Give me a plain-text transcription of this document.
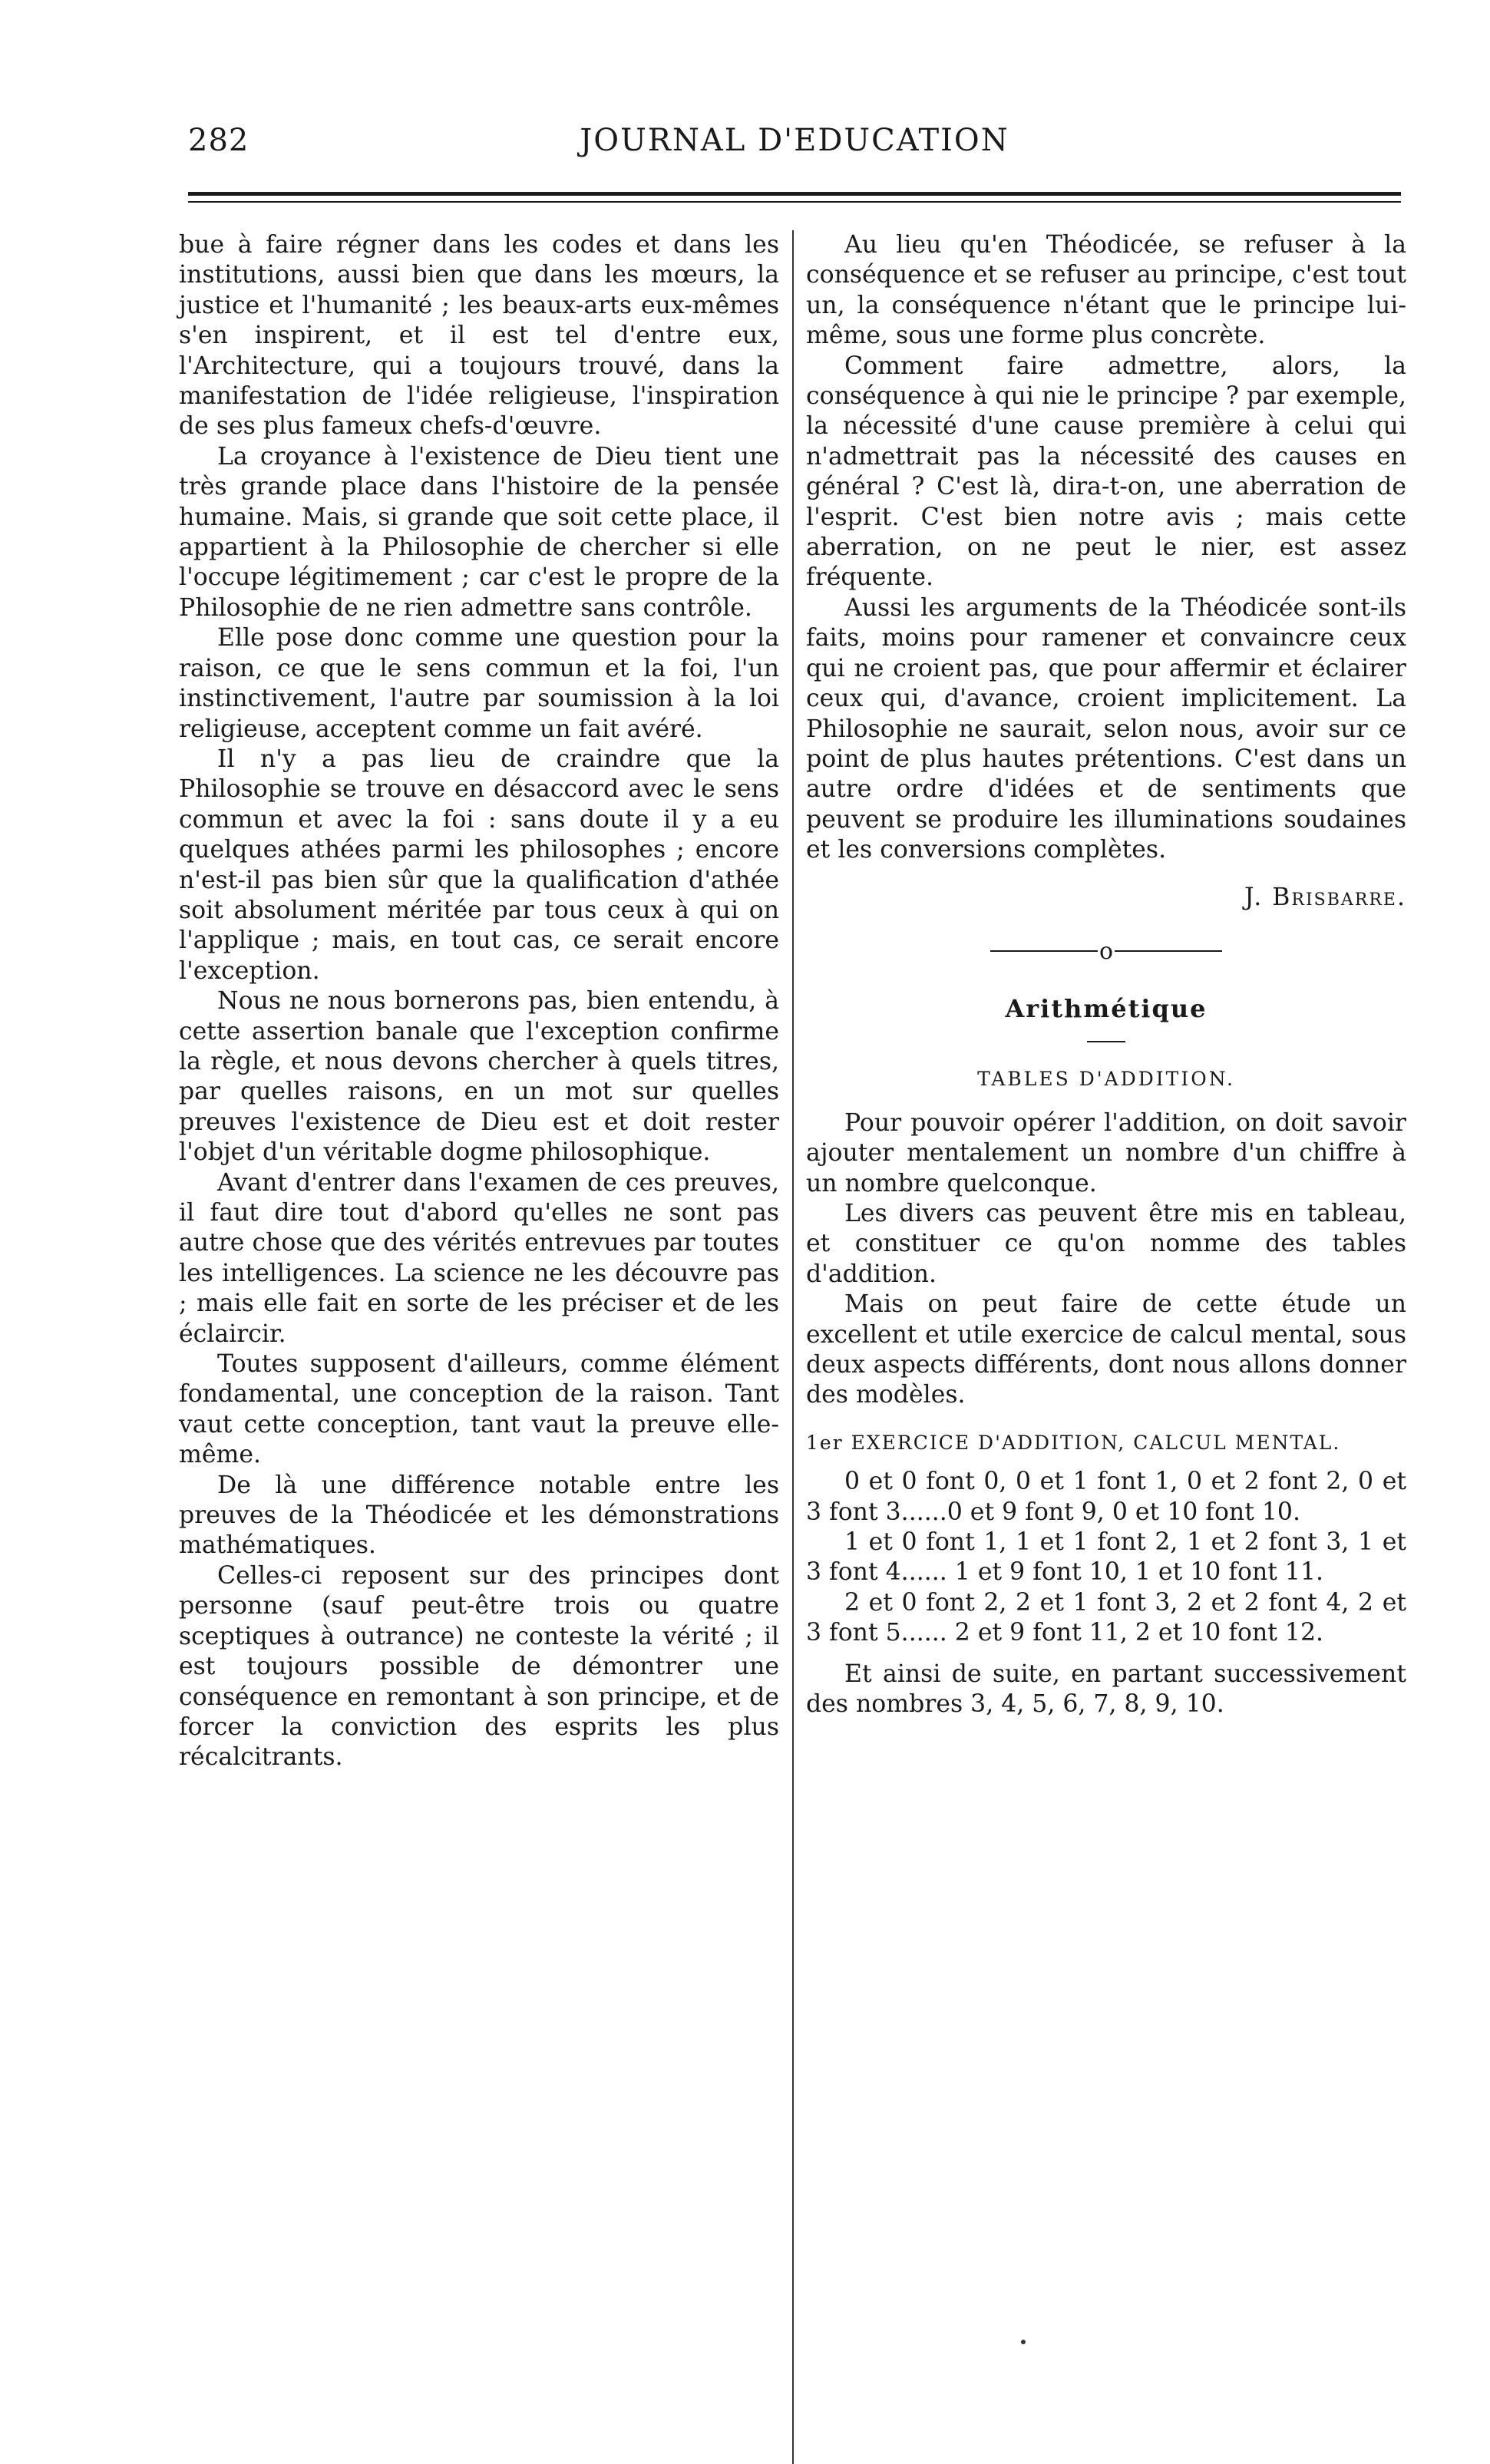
282	JOURNAL D'EDUCATION

bue à faire régner dans les codes et dans les institutions, aussi bien que dans les mœurs, la justice et l'humanité ; les beaux-arts eux-mêmes s'en inspirent, et il est tel d'entre eux, l'Architecture, qui a toujours trouvé, dans la manifestation de l'idée religieuse, l'inspiration de ses plus fameux chefs-d'œuvre.

La croyance à l'existence de Dieu tient une très grande place dans l'histoire de la pensée humaine. Mais, si grande que soit cette place, il appartient à la Philosophie de chercher si elle l'occupe légitimement ; car c'est le propre de la Philosophie de ne rien admettre sans contrôle.

Elle pose donc comme une question pour la raison, ce que le sens commun et la foi, l'un instinctivement, l'autre par soumission à la loi religieuse, acceptent comme un fait avéré.

Il n'y a pas lieu de craindre que la Philosophie se trouve en désaccord avec le sens commun et avec la foi : sans doute il y a eu quelques athées parmi les philosophes ; encore n'est-il pas bien sûr que la qualification d'athée soit absolument méritée par tous ceux à qui on l'applique ; mais, en tout cas, ce serait encore l'exception.

Nous ne nous bornerons pas, bien entendu, à cette assertion banale que l'exception confirme la règle, et nous devons chercher à quels titres, par quelles raisons, en un mot sur quelles preuves l'existence de Dieu est et doit rester l'objet d'un véritable dogme philosophique.

Avant d'entrer dans l'examen de ces preuves, il faut dire tout d'abord qu'elles ne sont pas autre chose que des vérités entrevues par toutes les intelligences. La science ne les découvre pas ; mais elle fait en sorte de les préciser et de les éclaircir.

Toutes supposent d'ailleurs, comme élément fondamental, une conception de la raison. Tant vaut cette conception, tant vaut la preuve elle-même.

De là une différence notable entre les preuves de la Théodicée et les démonstrations mathématiques.

Celles-ci reposent sur des principes dont personne (sauf peut-être trois ou quatre sceptiques à outrance) ne conteste la vérité ; il est toujours possible de démontrer une conséquence en remontant à son principe, et de forcer la conviction des esprits les plus récalcitrants.

Au lieu qu'en Théodicée, se refuser à la conséquence et se refuser au principe, c'est tout un, la conséquence n'étant que le principe lui-même, sous une forme plus concrète.

Comment faire admettre, alors, la conséquence à qui nie le principe ? par exemple, la nécessité d'une cause première à celui qui n'admettrait pas la nécessité des causes en général ? C'est là, dira-t-on, une aberration de l'esprit. C'est bien notre avis ; mais cette aberration, on ne peut le nier, est assez fréquente.

Aussi les arguments de la Théodicée sont-ils faits, moins pour ramener et convaincre ceux qui ne croient pas, que pour affermir et éclairer ceux qui, d'avance, croient implicitement. La Philosophie ne saurait, selon nous, avoir sur ce point de plus hautes prétentions. C'est dans un autre ordre d'idées et de sentiments que peuvent se produire les illuminations soudaines et les conversions complètes.

J. Brisbarre.
o
Arithmétique
TABLES D'ADDITION.

Pour pouvoir opérer l'addition, on doit savoir ajouter mentalement un nombre d'un chiffre à un nombre quelconque.

Les divers cas peuvent être mis en tableau, et constituer ce qu'on nomme des tables d'addition.

Mais on peut faire de cette étude un excellent et utile exercice de calcul mental, sous deux aspects différents, dont nous allons donner des modèles.

1er EXERCICE D'ADDITION, CALCUL MENTAL.

0 et 0 font 0, 0 et 1 font 1, 0 et 2 font 2, 0 et 3 font 3......0 et 9 font 9, 0 et 10 font 10.

1 et 0 font 1, 1 et 1 font 2, 1 et 2 font 3, 1 et 3 font 4...... 1 et 9 font 10, 1 et 10 font 11.

2 et 0 font 2, 2 et 1 font 3, 2 et 2 font 4, 2 et 3 font 5...... 2 et 9 font 11, 2 et 10 font 12.

Et ainsi de suite, en partant successivement des nombres 3, 4, 5, 6, 7, 8, 9, 10.
